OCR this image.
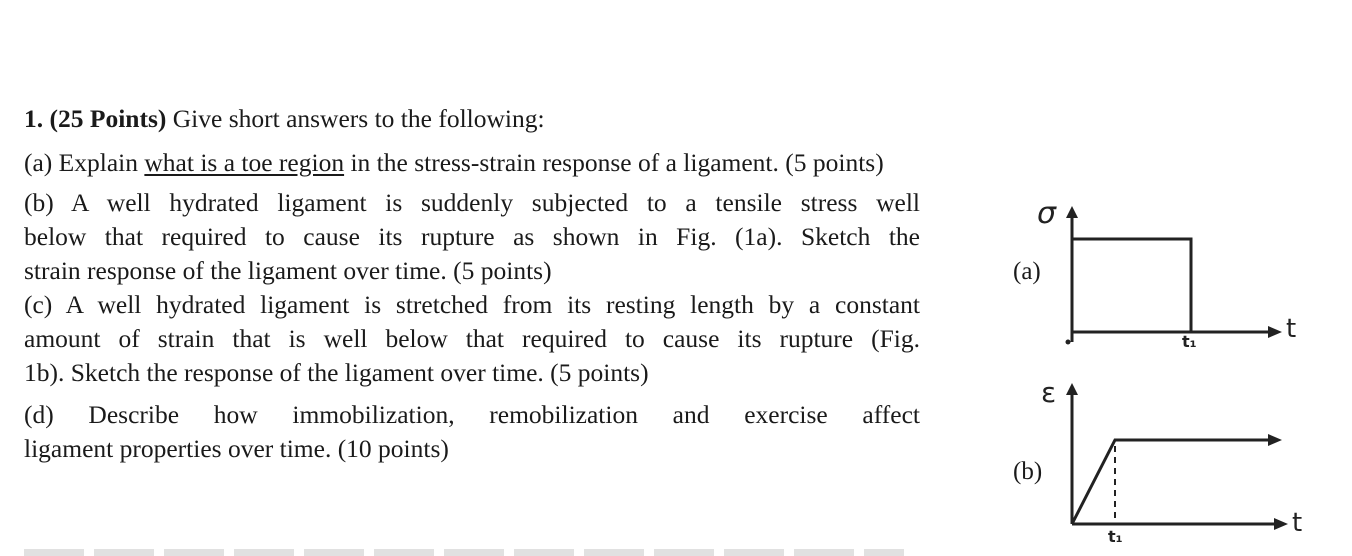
1. (25 Points) Give short answers to the following:
(a) Explain what is a toe region in the stress-strain response of a ligament. (5 points)
(b) A well hydrated ligament is suddenly subjected to a tensile stress well
below that required to cause its rupture as shown in Fig. (1a). Sketch the
strain response of the ligament over time. (5 points)
(c) A well hydrated ligament is stretched from its resting length by a constant
amount of strain that is well below that required to cause its rupture (Fig.
1b). Sketch the response of the ligament over time. (5 points)
(d) Describe how immobilization, remobilization and exercise affect
ligament properties over time. (10 points)
(a)
σ
t
t₁
(b)
ε
t
t₁
